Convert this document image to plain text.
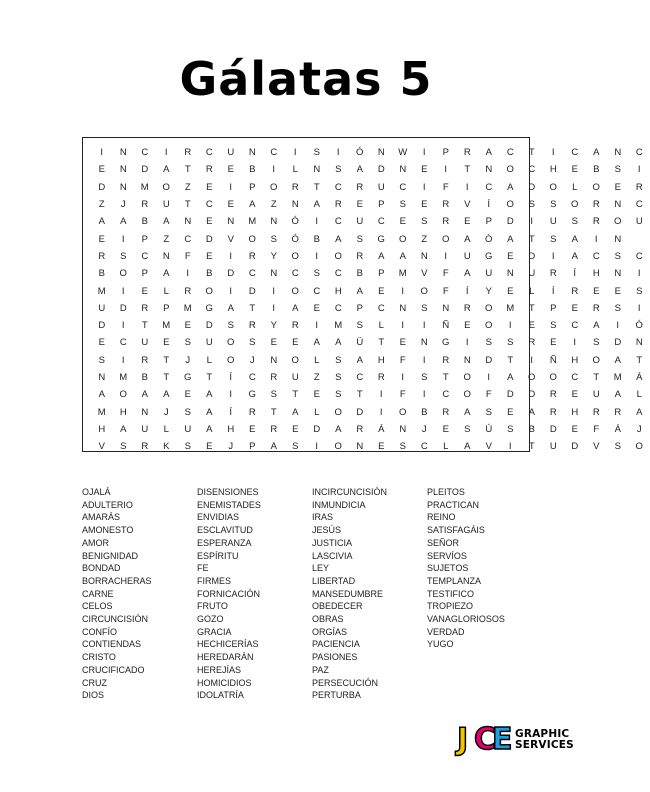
Gálatas 5
I	N	C	I	R	C	U	N	C	I	S	I	Ó	N	W	I	P	R	A	C	T	I	C	A	N	C
E	N	D	A	T	R	E	B	I	L	N	S	A	D	N	E	I	T	N	O	C	H	E	B	S	I
D	N	M	O	Z	E	I	P	O	R	T	C	R	U	C	I	F	I	C	A	D	O	L	O	E	R
Z	J	R	U	T	C	E	A	Z	N	A	R	E	P	S	E	R	V	Í	O	S	S	O	R	N	C
A	A	B	A	N	E	N	M	N	Ó	I	C	U	C	E	S	R	E	P	D	I	U	S	R	O	U
E	I	P	Z	C	D	V	O	S	Ó	B	A	S	G	O	Z	O	A	Ó	A	T	S	A	I	N
R	S	C	N	F	E	I	R	Y	O	I	O	R	A	A	N	I	U	G	E	D	I	A	C	S	C
B	O	P	A	I	B	D	C	N	C	S	C	B	P	M	V	F	A	U	N	U	R	Í	H	N	I
M	I	E	L	R	O	I	D	I	O	C	H	A	E	I	O	F	Í	Y	E	L	Í	R	E	E	S
U	D	R	P	M	G	A	T	I	A	E	C	P	C	N	S	N	R	O	M	T	P	E	R	S	I
D	I	T	M	E	D	S	R	Y	R	I	M	S	L	I	I	Ñ	E	O	I	E	S	C	A	I	Ó
E	C	U	E	S	U	O	S	E	E	A	A	Ü	T	E	N	G	I	S	S	R	E	I	S	D	N
S	I	R	T	J	L	O	J	N	O	L	S	A	H	F	I	R	N	D	T	I	Ñ	H	O	A	T
N	M	B	T	G	T	Í	C	R	U	Z	S	C	R	I	S	T	O	I	A	O	O	C	T	M	Á
A	O	A	A	E	A	I	G	S	T	E	S	T	I	F	I	C	O	F	D	D	R	E	U	A	L
M	H	N	J	S	A	Í	R	T	A	L	O	D	I	O	B	R	A	S	E	A	R	H	R	R	A
H	A	U	L	U	A	H	E	R	E	D	A	R	Á	N	J	E	S	Ú	S	B	D	E	F	Á	J
V	S	R	K	S	E	J	P	A	S	I	O	N	E	S	C	L	A	V	I	T	U	D	V	S	O
OJALÁ
ADULTERIO
AMARÁS
AMONESTO
AMOR
BENIGNIDAD
BONDAD
BORRACHERAS
CARNE
CELOS
CIRCUNCISIÓN
CONFÍO
CONTIENDAS
CRISTO
CRUCIFICADO
CRUZ
DIOS
DISENSIONES
ENEMISTADES
ENVIDIAS
ESCLAVITUD
ESPERANZA
ESPÍRITU
FE
FIRMES
FORNICACIÓN
FRUTO
GOZO
GRACIA
HECHICERÍAS
HEREDARÁN
HEREJÍAS
HOMICIDIOS
IDOLATRÍA
INCIRCUNCISIÓN
INMUNDICIA
IRAS
JESÚS
JUSTICIA
LASCIVIA
LEY
LIBERTAD
MANSEDUMBRE
OBEDECER
OBRAS
ORGÍAS
PACIENCIA
PASIONES
PAZ
PERSECUCIÓN
PERTURBA
PLEITOS
PRACTICAN
REINO
SATISFAGÁIS
SEÑOR
SERVÍOS
SUJETOS
TEMPLANZA
TESTIFICO
TROPIEZO
VANAGLORIOSOS
VERDAD
YUGO
J C
E GRAPHIC
SERVICES
